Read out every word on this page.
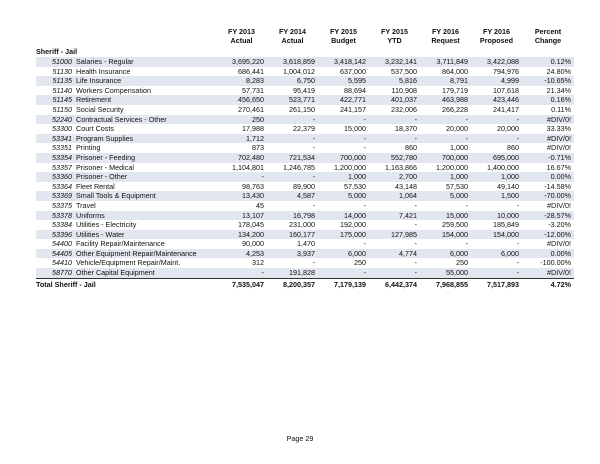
	FY 2013	FY 2014	FY 2015	FY 2015	FY 2016	FY 2016	Percent
	Actual	Actual	Budget	YTD	Request	Proposed	Change
Sheriff - Jail							
51000 Salaries - Regular	3,695,220	3,618,859	3,418,142	3,232,141	3,711,849	3,422,088	0.12%
51130 Health Insurance	686,441	1,004,012	637,000	537,500	864,000	794,976	24.80%
51135 Life Insurance	8,283	6,750	5,595	5,816	8,791	4,999	-10.65%
51140 Workers Compensation	57,731	95,419	88,694	110,908	179,719	107,618	21.34%
51145 Retirement	456,650	523,771	422,771	401,037	463,988	423,446	0.16%
51150 Social Security	270,461	261,150	241,157	232,006	266,228	241,417	0.11%
52240 Contractual Services - Other	250	-	-	-	-	-	#DIV/0!
53300 Court Costs	17,988	22,379	15,000	18,370	20,000	20,000	33.33%
53341 Program Supplies	1,712	-	-	-	-	-	#DIV/0!
53351 Printing	873	-	-	860	1,000	860	#DIV/0!
53354 Prisoner - Feeding	702,480	721,534	700,000	552,780	700,000	695,000	-0.71%
53357 Prisoner - Medical	1,104,801	1,246,785	1,200,000	1,163,866	1,200,000	1,400,000	16.67%
53360 Prisoner - Other	-	-	1,000	2,700	1,000	1,000	0.00%
53364 Fleet Rental	98,763	89,900	57,530	43,148	57,530	49,140	-14.58%
53369 Small Tools & Equipment	13,430	4,587	5,000	1,064	5,000	1,500	-70.00%
53375 Travel	45	-	-	-	-	-	#DIV/0!
53378 Uniforms	13,107	16,798	14,000	7,421	15,000	10,000	-28.57%
53384 Utilities - Electricity	178,045	231,000	192,000	-	259,500	185,849	-3.20%
53396 Utilities - Water	134,200	160,177	175,000	127,985	154,000	154,000	-12.00%
54400 Facility Repair/Maintenance	90,000	1,470	-	-	-	-	#DIV/0!
54405 Other Equipment Repair/Maintenance	4,253	3,937	6,000	4,774	6,000	6,000	0.00%
54410 Vehicle/Equipment Repair/Maint.	312	-	250	-	250	-	-100.00%
58770 Other Capital Equipment	-	191,828	-	-	55,000	-	#DIV/0!
Total Sheriff - Jail	7,535,047	8,200,357	7,179,139	6,442,374	7,968,855	7,517,893	4.72%
Page 29
